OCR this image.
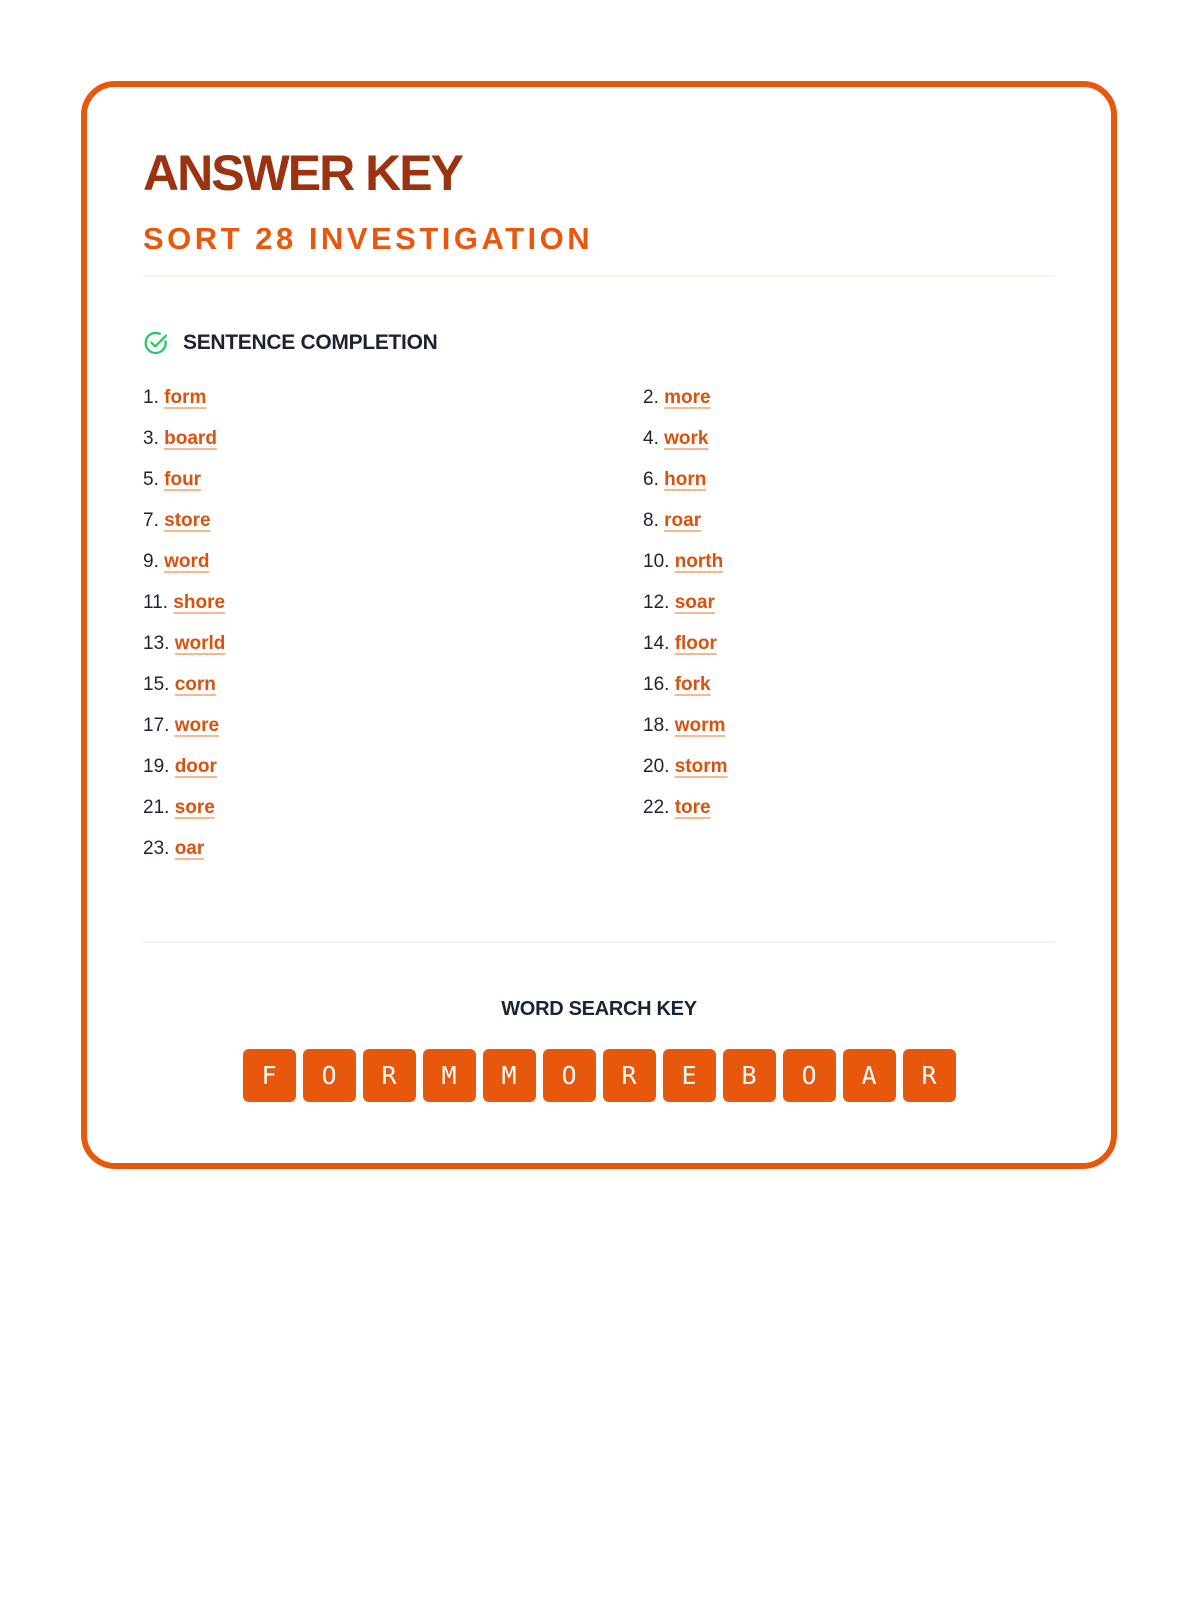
ANSWER KEY
SORT 28 INVESTIGATION
SENTENCE COMPLETION
1. form	2. more
3. board	4. work
5. four	6. horn
7. store	8. roar
9. word	10. north
11. shore	12. soar
13. world	14. floor
15. corn	16. fork
17. wore	18. worm
19. door	20. storm
21. sore	22. tore
23. oar
WORD SEARCH KEY
F	O	R	M	M	O	R	E	B	O	A	R
